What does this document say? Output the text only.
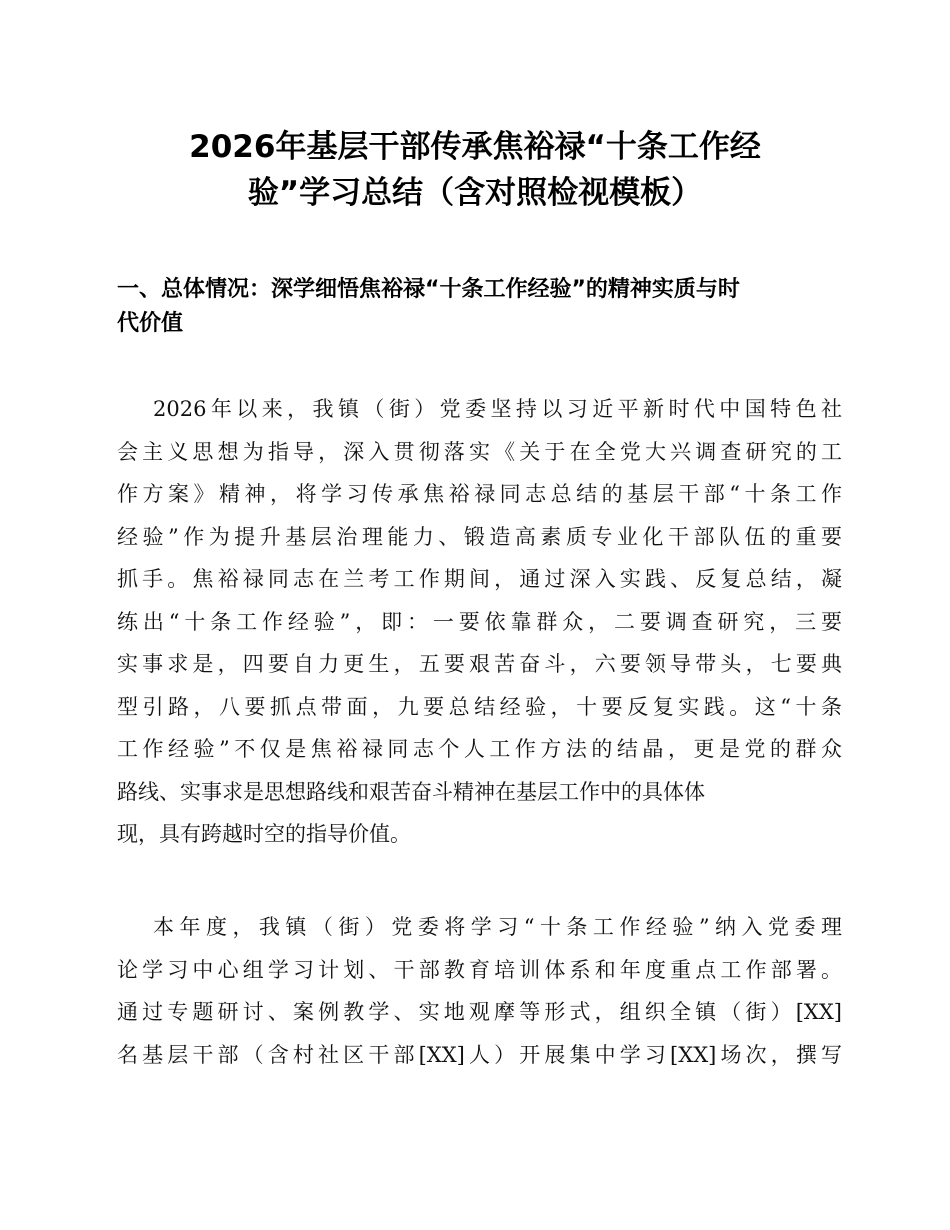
2026年基层干部传承焦裕禄“十条工作经
验”学习总结（含对照检视模板）
一、总体情况：深学细悟焦裕禄“十条工作经验”的精神实质与时
代价值
2026年以来，我镇（街）党委坚持以习近平新时代中国特色社
会主义思想为指导，深入贯彻落实《关于在全党大兴调查研究的工
作方案》精神，将学习传承焦裕禄同志总结的基层干部“十条工作
经验”作为提升基层治理能力、锻造高素质专业化干部队伍的重要
抓手。焦裕禄同志在兰考工作期间，通过深入实践、反复总结，凝
练出“十条工作经验”，即：一要依靠群众，二要调查研究，三要
实事求是，四要自力更生，五要艰苦奋斗，六要领导带头，七要典
型引路，八要抓点带面，九要总结经验，十要反复实践。这“十条
工作经验”不仅是焦裕禄同志个人工作方法的结晶，更是党的群众
路线、实事求是思想路线和艰苦奋斗精神在基层工作中的具体体
现，具有跨越时空的指导价值。
本年度，我镇（街）党委将学习“十条工作经验”纳入党委理
论学习中心组学习计划、干部教育培训体系和年度重点工作部署。
通过专题研讨、案例教学、实地观摩等形式，组织全镇（街）[XX]
名基层干部（含村社区干部[XX]人）开展集中学习[XX]场次，撰写
